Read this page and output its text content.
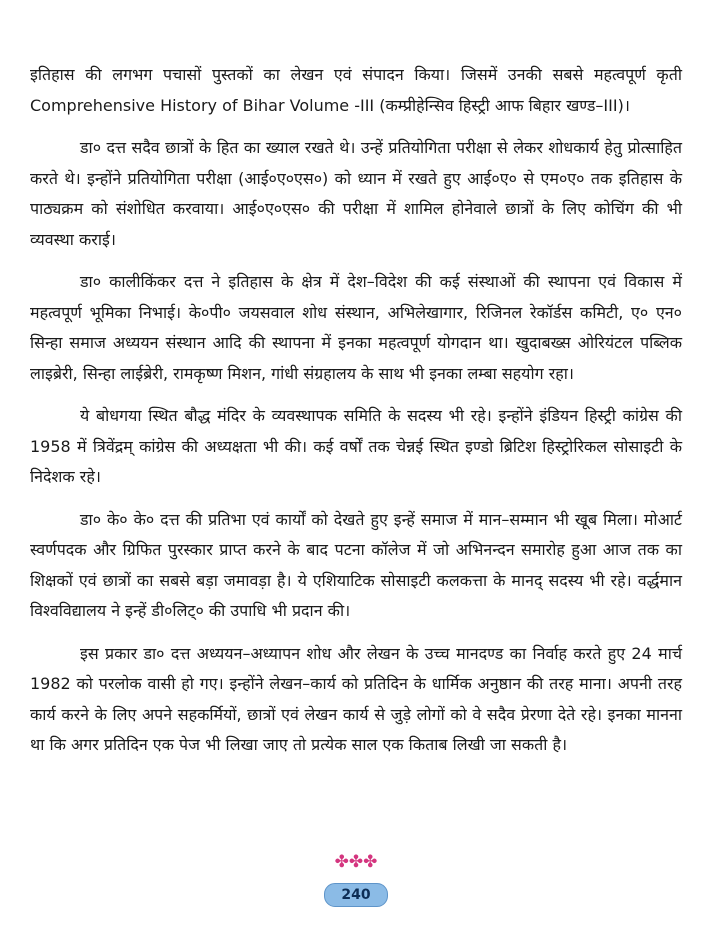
इतिहास की लगभग पचासों पुस्तकों का लेखन एवं संपादन किया। जिसमें उनकी सबसे महत्वपूर्ण कृती Comprehensive History of Bihar Volume -III (कम्प्रीहेन्सिव हिस्ट्री आफ बिहार खण्ड–III)।

डा० दत्त सदैव छात्रों के हित का ख्याल रखते थे। उन्हें प्रतियोगिता परीक्षा से लेकर शोधकार्य हेतु प्रोत्साहित करते थे। इन्होंने प्रतियोगिता परीक्षा (आई०ए०एस०) को ध्यान में रखते हुए आई०ए० से एम०ए० तक इतिहास के पाठ्यक्रम को संशोधित करवाया। आई०ए०एस० की परीक्षा में शामिल होनेवाले छात्रों के लिए कोचिंग की भी व्यवस्था कराई।

डा० कालीकिंकर दत्त ने इतिहास के क्षेत्र में देश–विदेश की कई संस्थाओं की स्थापना एवं विकास में महत्वपूर्ण भूमिका निभाई। के०पी० जयसवाल शोध संस्थान, अभिलेखागार, रिजिनल रेकॉर्डस कमिटी, ए० एन० सिन्हा समाज अध्ययन संस्थान आदि की स्थापना में इनका महत्वपूर्ण योगदान था। खुदाबख्स ओरियंटल पब्लिक लाइब्रेरी, सिन्हा लाईब्रेरी, रामकृष्ण मिशन, गांधी संग्रहालय के साथ भी इनका लम्बा सहयोग रहा।

ये बोधगया स्थित बौद्ध मंदिर के व्यवस्थापक समिति के सदस्य भी रहे। इन्होंने इंडियन हिस्ट्री कांग्रेस की 1958 में त्रिवेंद्रम् कांग्रेस की अध्यक्षता भी की। कई वर्षों तक चेन्नई स्थित इण्डो ब्रिटिश हिस्ट्रोरिकल सोसाइटी के निदेशक रहे।

डा० के० के० दत्त की प्रतिभा एवं कार्यों को देखते हुए इन्हें समाज में मान–सम्मान भी खूब मिला। मोआर्ट स्वर्णपदक और ग्रिफित पुरस्कार प्राप्त करने के बाद पटना कॉलेज में जो अभिनन्दन समारोह हुआ आज तक का शिक्षकों एवं छात्रों का सबसे बड़ा जमावड़ा है। ये एशियाटिक सोसाइटी कलकत्ता के मानद् सदस्य भी रहे। वर्द्धमान विश्वविद्यालय ने इन्हें डी०लिट्० की उपाधि भी प्रदान की।

इस प्रकार डा० दत्त अध्ययन–अध्यापन शोध और लेखन के उच्च मानदण्ड का निर्वाह करते हुए 24 मार्च 1982 को परलोक वासी हो गए। इन्होंने लेखन–कार्य को प्रतिदिन के धार्मिक अनुष्ठान की तरह माना। अपनी तरह कार्य करने के लिए अपने सहकर्मियों, छात्रों एवं लेखन कार्य से जुड़े लोगों को वे सदैव प्रेरणा देते रहे। इनका मानना था कि अगर प्रतिदिन एक पेज भी लिखा जाए तो प्रत्येक साल एक किताब लिखी जा सकती है।

✤✤✤
240
